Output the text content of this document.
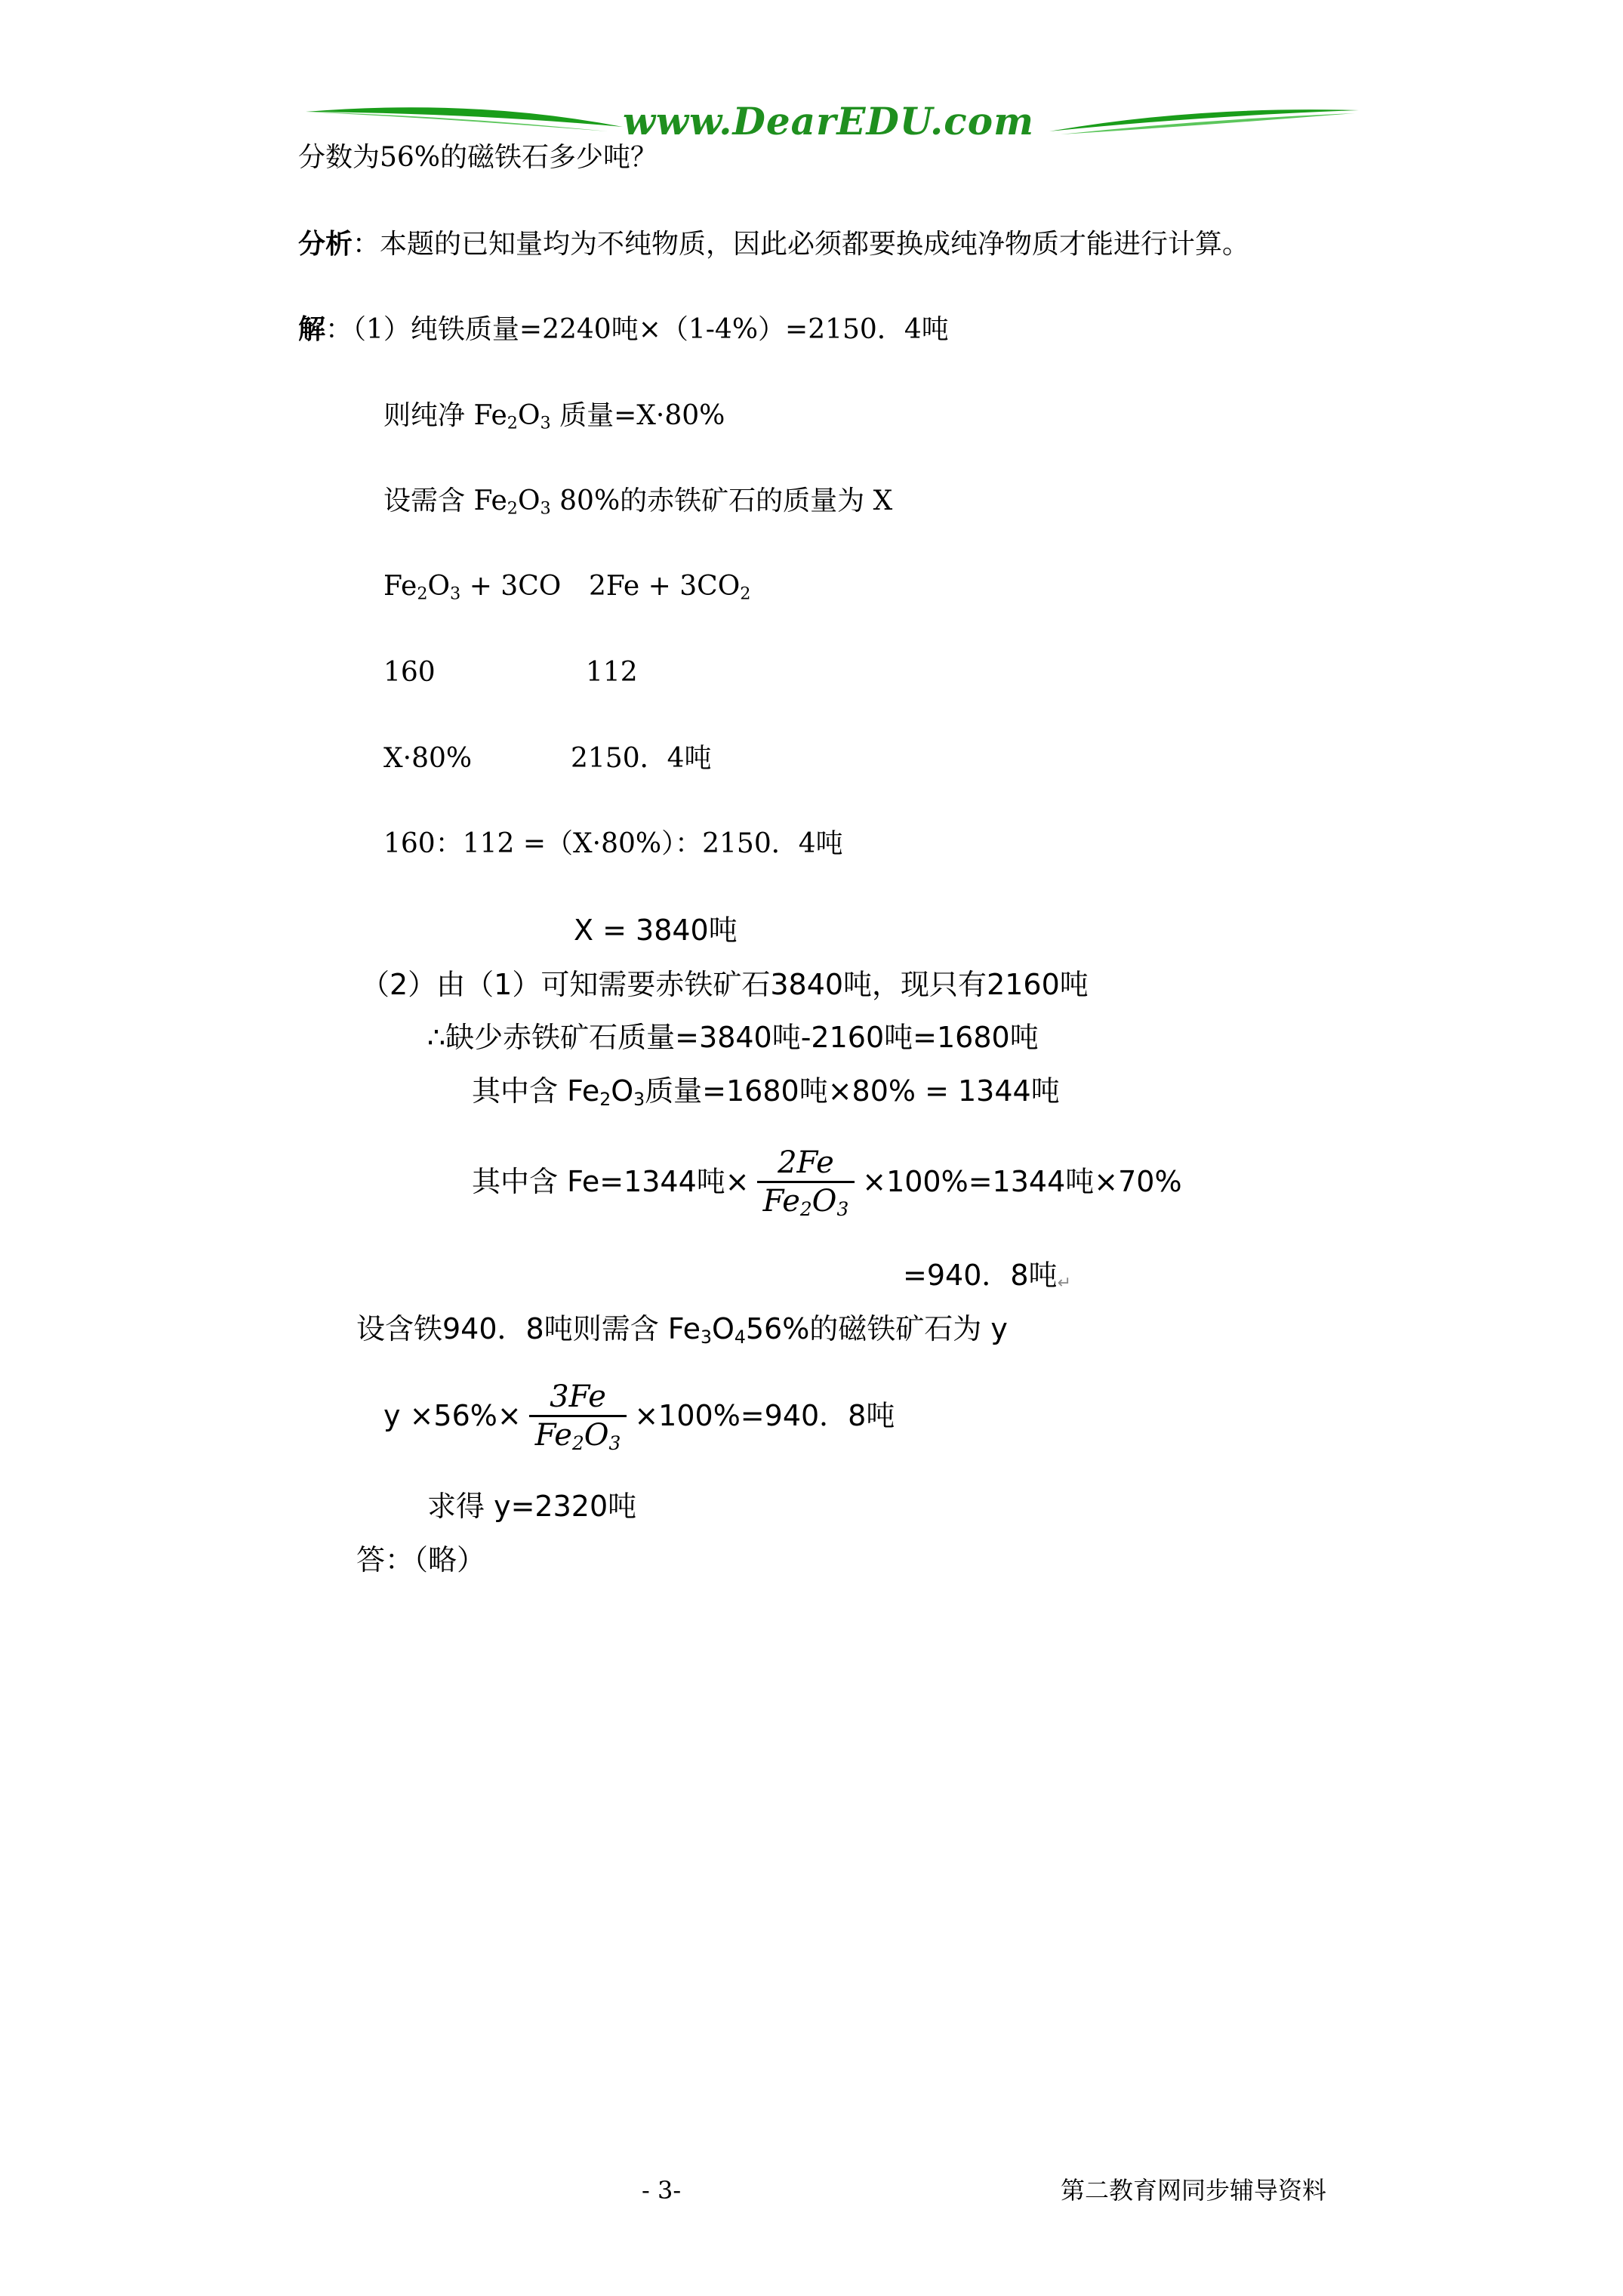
www.DearEDU.com
分数为56%的磁铁石多少吨？
分析：本题的已知量均为不纯物质，因此必须都要换成纯净物质才能进行计算。
解：（1）纯铁质量=2240吨×（1-4%）=2150．4吨
则纯净 $Fe_2O_3$ 质量=X·80%
设需含 $Fe_2O_3$ 80%的赤铁矿石的质量为 X
$Fe_2O_3 + 3CO$ $2Fe + 3CO_2$
160	112
X·80%	2150．4吨
160：112 =（X·80%）：2150．4吨
X = 3840吨
（2）由（1）可知需要赤铁矿石3840吨，现只有2160吨
∴缺少赤铁矿石质量=3840吨-2160吨=1680吨
其中含 $Fe_2O_3$质量=1680吨×80% = 1344吨
其中含 Fe=1344吨× $\frac{2Fe}{Fe_2O_3} \times 100\%=1344$吨×70%
=940．8吨↵
设含铁940．8吨则需含 $Fe_3O_456\%$的磁铁矿石为 y
$y \times 56\%\times \frac{3Fe}{Fe_2O_3} \times 100\%=940$．8吨
求得 y=2320吨
答：（略）
- 3-	第二教育网同步辅导资料
